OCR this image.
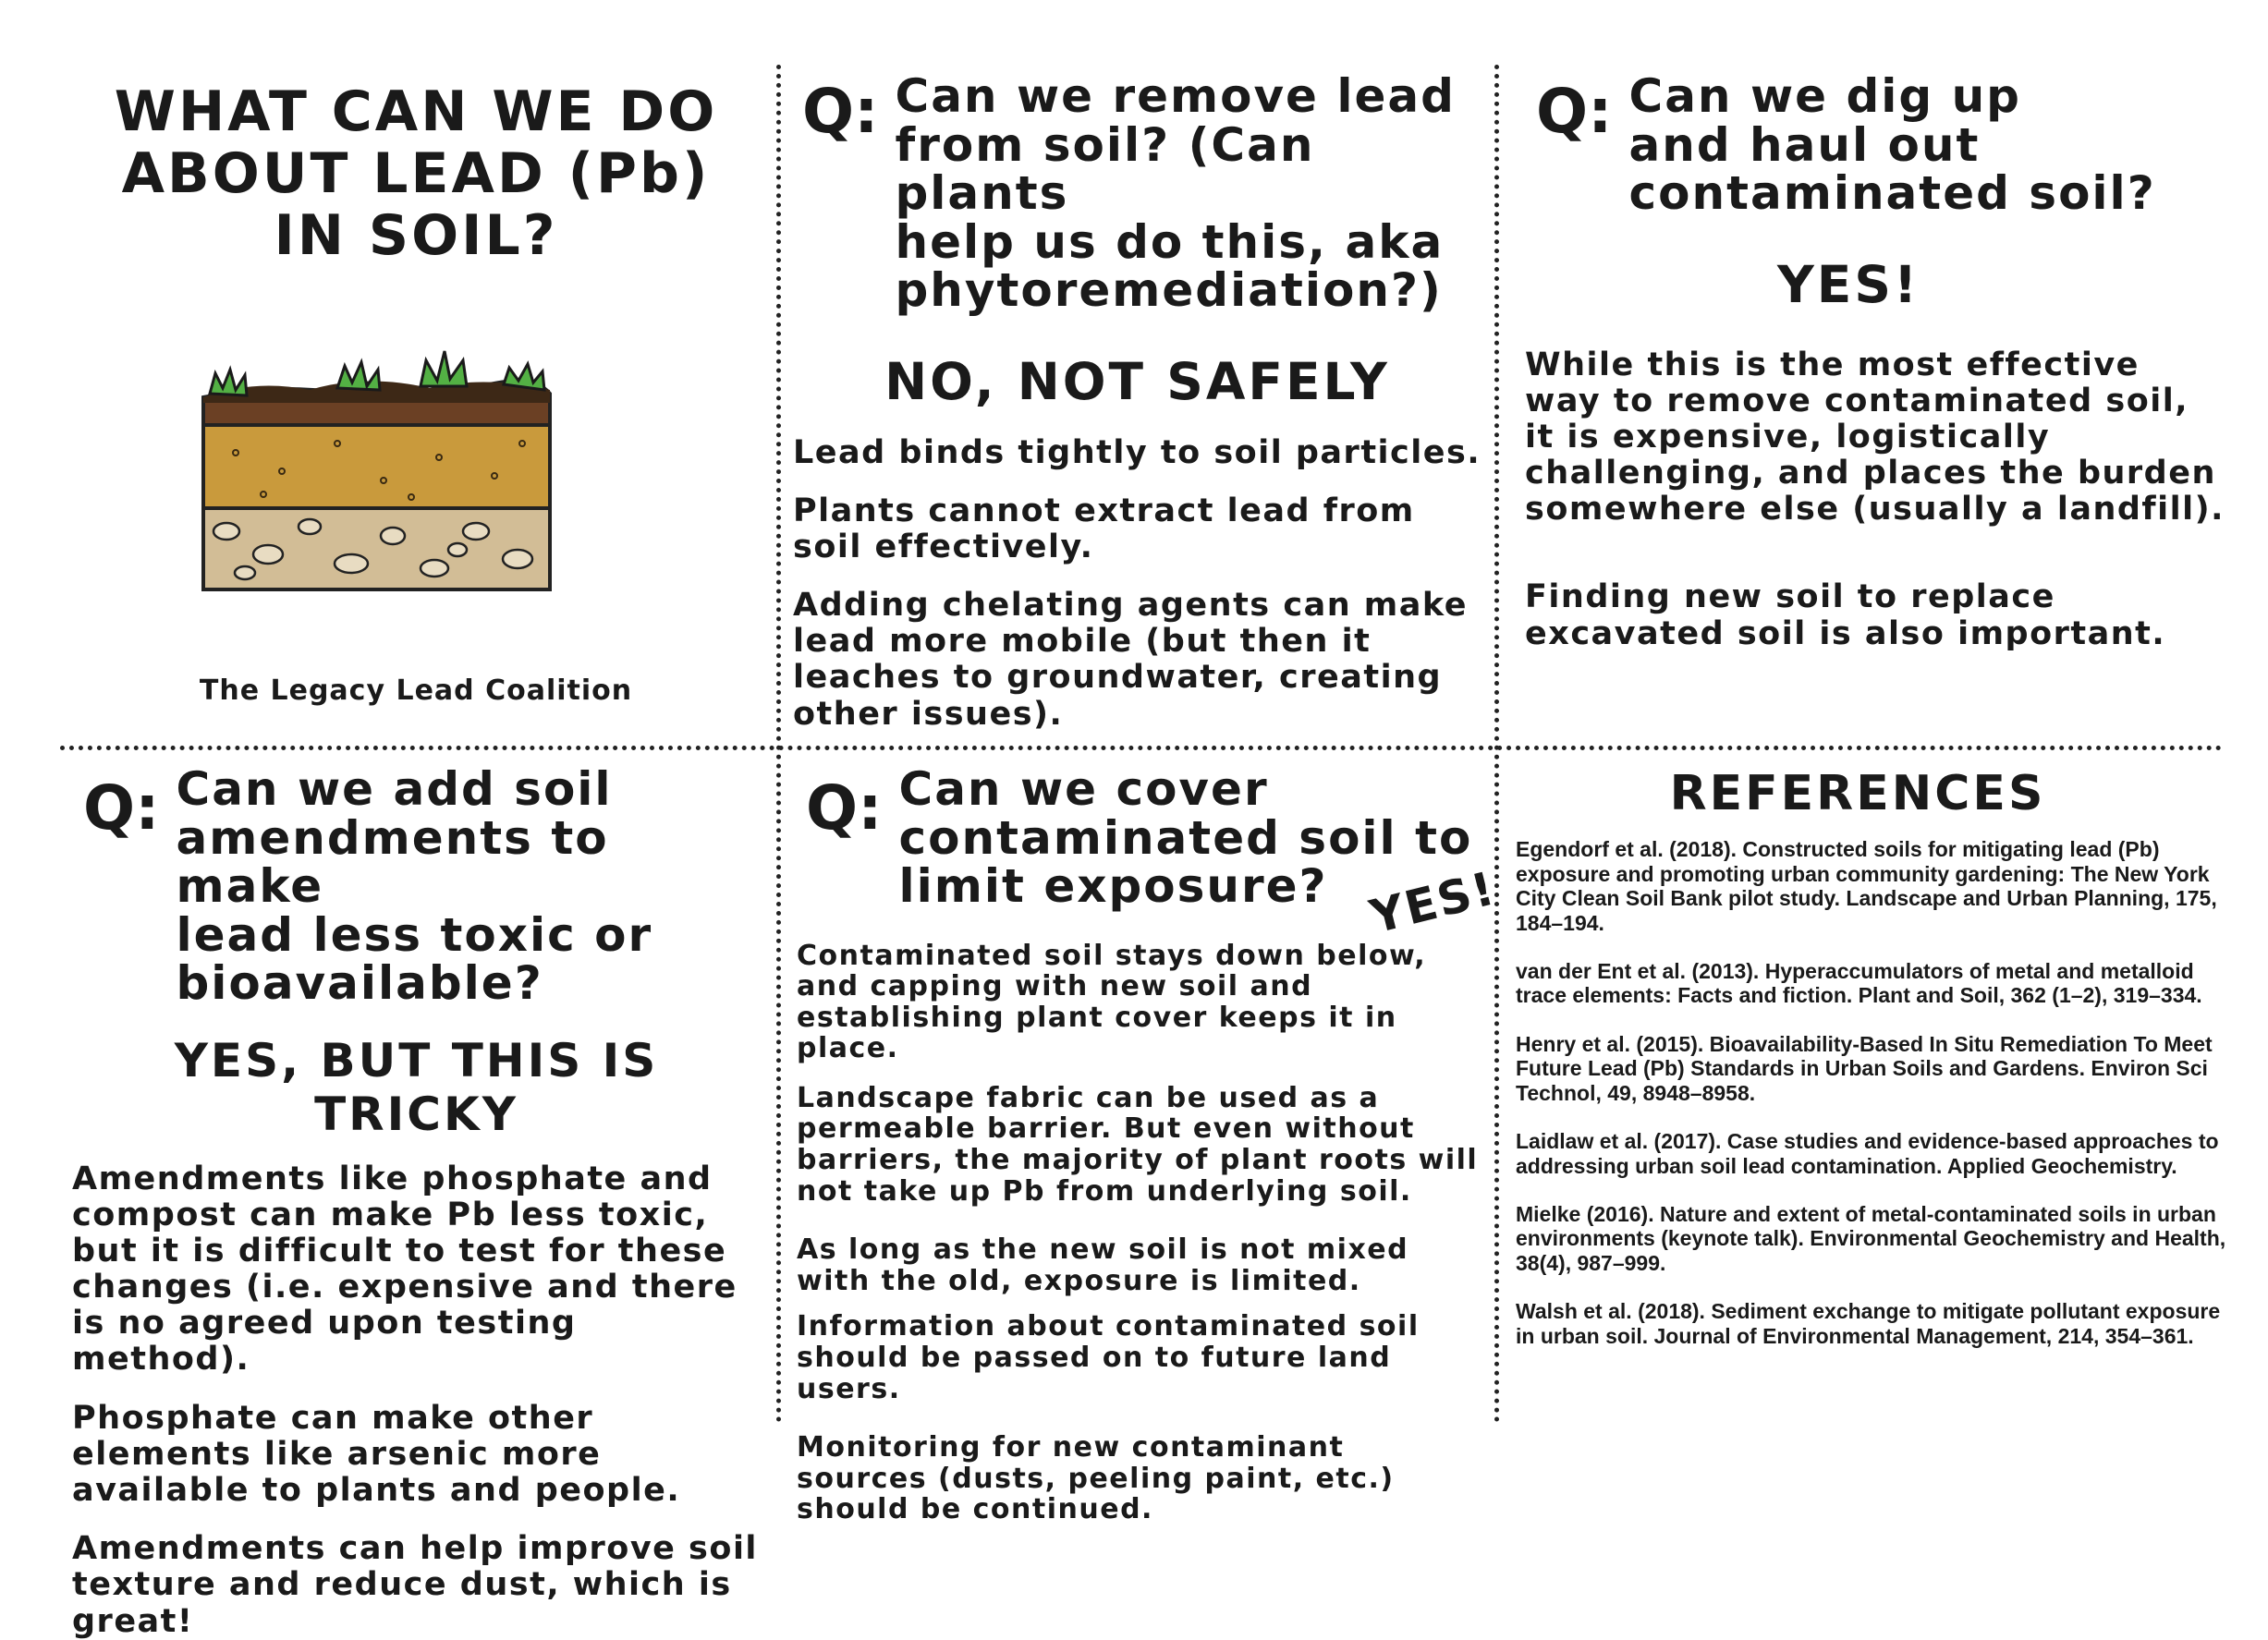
WHAT CAN WE DO
ABOUT LEAD (Pb)
IN SOIL?
The Legacy Lead Coalition
Q: Can we remove lead
from soil? (Can plants
help us do this, aka
phytoremediation?)
NO, NOT SAFELY

Lead binds tightly to soil particles.

Plants cannot extract lead from soil effectively.

Adding chelating agents can make lead more mobile (but then it leaches to groundwater, creating other issues).

Q: Can we dig up
and haul out
contaminated soil?
YES!

While this is the most effective way to remove contaminated soil, it is expensive, logistically challenging, and places the burden somewhere else (usually a landfill).

Finding new soil to replace excavated soil is also important.

Q: Can we add soil
amendments to make
lead less toxic or
bioavailable?
YES, BUT THIS IS TRICKY

Amendments like phosphate and compost can make Pb less toxic, but it is difficult to test for these changes (i.e. expensive and there is no agreed upon testing method).

Phosphate can make other elements like arsenic more available to plants and people.

Amendments can help improve soil texture and reduce dust, which is great!

Q: Can we cover
contaminated soil to
limit exposure? YES!

Contaminated soil stays down below, and capping with new soil and establishing plant cover keeps it in place.

Landscape fabric can be used as a permeable barrier. But even without barriers, the majority of plant roots will not take up Pb from underlying soil.

As long as the new soil is not mixed with the old, exposure is limited.

Information about contaminated soil should be passed on to future land users.

Monitoring for new contaminant sources (dusts, peeling paint, etc.) should be continued.

REFERENCES

Egendorf et al. (2018). Constructed soils for mitigating lead (Pb) exposure and promoting urban community gardening: The New York City Clean Soil Bank pilot study. Landscape and Urban Planning, 175, 184–194.

van der Ent et al. (2013). Hyperaccumulators of metal and metalloid trace elements: Facts and fiction. Plant and Soil, 362 (1–2), 319–334.

Henry et al. (2015). Bioavailability-Based In Situ Remediation To Meet Future Lead (Pb) Standards in Urban Soils and Gardens. Environ Sci Technol, 49, 8948–8958.

Laidlaw et al. (2017). Case studies and evidence-based approaches to addressing urban soil lead contamination. Applied Geochemistry.

Mielke (2016). Nature and extent of metal-contaminated soils in urban environments (keynote talk). Environmental Geochemistry and Health, 38(4), 987–999.

Walsh et al. (2018). Sediment exchange to mitigate pollutant exposure in urban soil. Journal of Environmental Management, 214, 354–361.
